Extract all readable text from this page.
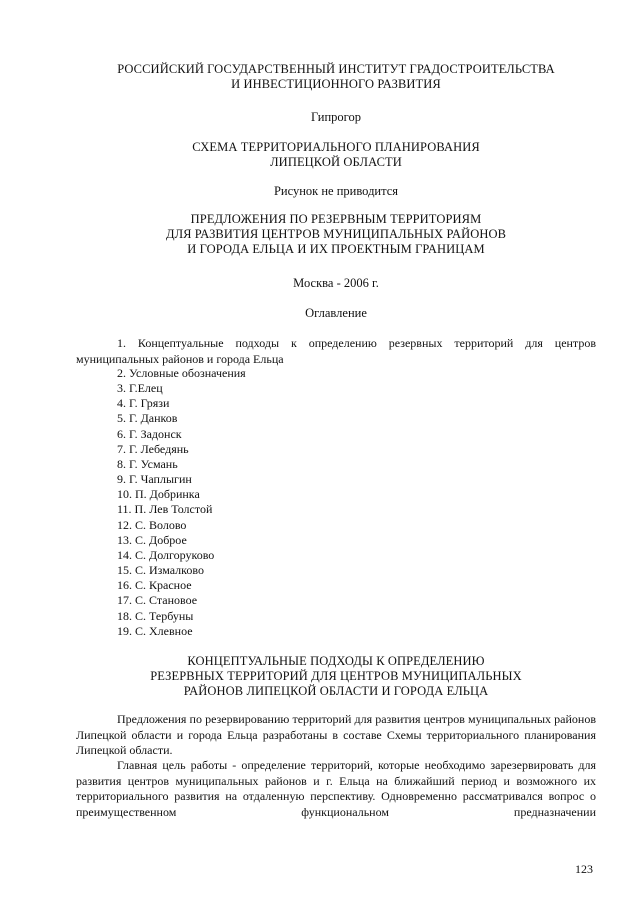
РОССИЙСКИЙ ГОСУДАРСТВЕННЫЙ ИНСТИТУТ ГРАДОСТРОИТЕЛЬСТВА
И ИНВЕСТИЦИОННОГО РАЗВИТИЯ
Гипрогор
СХЕМА ТЕРРИТОРИАЛЬНОГО ПЛАНИРОВАНИЯ
ЛИПЕЦКОЙ ОБЛАСТИ
Рисунок не приводится
ПРЕДЛОЖЕНИЯ ПО РЕЗЕРВНЫМ ТЕРРИТОРИЯМ
ДЛЯ РАЗВИТИЯ ЦЕНТРОВ МУНИЦИПАЛЬНЫХ РАЙОНОВ
И ГОРОДА ЕЛЬЦА И ИХ ПРОЕКТНЫМ ГРАНИЦАМ
Москва - 2006 г.
Оглавление
1. Концептуальные подходы к определению резервных территорий для центров
муниципальных районов и города Ельца
2. Условные обозначения
3. Г.Елец
4. Г. Грязи
5. Г. Данков
6. Г. Задонск
7. Г. Лебедянь
8. Г. Усмань
9. Г. Чаплыгин
10. П. Добринка
11. П. Лев Толстой
12. С. Волово
13. С. Доброе
14. С. Долгоруково
15. С. Измалково
16. С. Красное
17. С. Становое
18. С. Тербуны
19. С. Хлевное
КОНЦЕПТУАЛЬНЫЕ ПОДХОДЫ К ОПРЕДЕЛЕНИЮ
РЕЗЕРВНЫХ ТЕРРИТОРИЙ ДЛЯ ЦЕНТРОВ МУНИЦИПАЛЬНЫХ
РАЙОНОВ ЛИПЕЦКОЙ ОБЛАСТИ И ГОРОДА ЕЛЬЦА

Предложения по резервированию территорий для развития центров муниципальных районов Липецкой области и города Ельца разработаны в составе Схемы территориального планирования Липецкой области.

Главная цель работы - определение территорий, которые необходимо зарезервировать для развития центров муниципальных районов и г. Ельца на ближайший период и возможного их территориального развития на отдаленную перспективу. Одновременно рассматривался вопрос о преимущественном функциональном предназначении

123
